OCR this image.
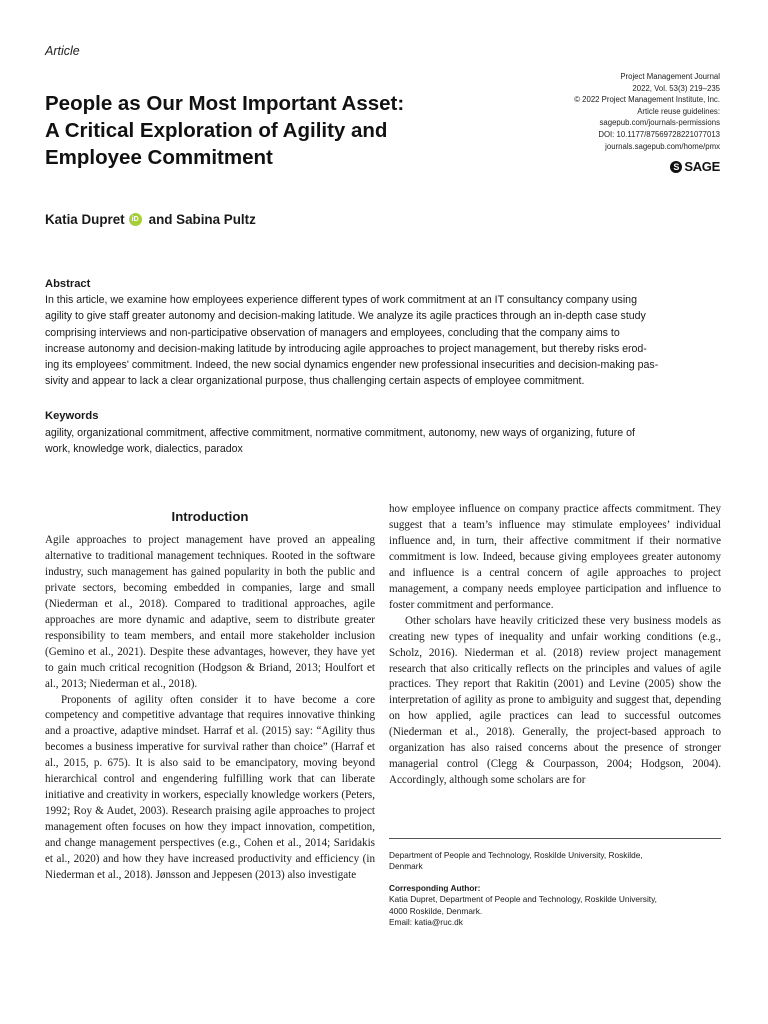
Article
People as Our Most Important Asset:
A Critical Exploration of Agility and
Employee Commitment
Project Management Journal
2022, Vol. 53(3) 219–235
© 2022 Project Management Institute, Inc.
Article reuse guidelines:
sagepub.com/journals-permissions
DOI: 10.1177/87569728221077013
journals.sagepub.com/home/pmx
S SAGE
Katia Dupret	iD and Sabina Pultz
Abstract
In this article, we examine how employees experience different types of work commitment at an IT consultancy company using
agility to give staff greater autonomy and decision-making latitude. We analyze its agile practices through an in-depth case study
comprising interviews and non-participative observation of managers and employees, concluding that the company aims to
increase autonomy and decision-making latitude by introducing agile approaches to project management, but thereby risks erod-
ing its employees' commitment. Indeed, the new social dynamics engender new professional insecurities and decision-making pas-
sivity and appear to lack a clear organizational purpose, thus challenging certain aspects of employee commitment.
Keywords
agility, organizational commitment, affective commitment, normative commitment, autonomy, new ways of organizing, future of
work, knowledge work, dialectics, paradox
Introduction

Agile approaches to project management have proved an appealing alternative to traditional management techniques. Rooted in the software industry, such management has gained popularity in both the public and private sectors, becoming embedded in companies, large and small (Niederman et al., 2018). Compared to traditional approaches, agile approaches are more dynamic and adaptive, seem to distribute greater responsibility to team members, and entail more stakeholder inclusion (Gemino et al., 2021). Despite these advantages, however, they have yet to gain much critical recognition (Hodgson & Briand, 2013; Houlfort et al., 2013; Niederman et al., 2018).

Proponents of agility often consider it to have become a core competency and competitive advantage that requires innovative thinking and a proactive, adaptive mindset. Harraf et al. (2015) say: “Agility thus becomes a business imperative for survival rather than choice” (Harraf et al., 2015, p. 675). It is also said to be emancipatory, moving beyond hierarchical control and engendering fulfilling work that can liberate initiative and creativity in workers, especially knowledge workers (Peters, 1992; Roy & Audet, 2003). Research praising agile approaches to project management often focuses on how they impact innovation, competition, and change management perspectives (e.g., Cohen et al., 2014; Saridakis et al., 2020) and how they have increased productivity and efficiency (in Niederman et al., 2018). Jønsson and Jeppesen (2013) also investigate

how employee influence on company practice affects commitment. They suggest that a team’s influence may stimulate employees’ individual influence and, in turn, their affective commitment if their normative commitment is low. Indeed, because giving employees greater autonomy and influence is a central concern of agile approaches to project management, a company needs employee participation and influence to foster commitment and performance.

Other scholars have heavily criticized these very business models as creating new types of inequality and unfair working conditions (e.g., Scholz, 2016). Niederman et al. (2018) review project management research that also critically reflects on the principles and values of agile practices. They report that Rakitin (2001) and Levine (2005) show the interpretation of agility as prone to ambiguity and suggest that, depending on how applied, agile practices can lead to successful outcomes (Niederman et al., 2018). Generally, the project-based approach to organization has also raised concerns about the presence of stronger managerial control (Clegg & Courpasson, 2004; Hodgson, 2004). Accordingly, although some scholars are for

Department of People and Technology, Roskilde University, Roskilde,
Denmark
Corresponding Author:
Katia Dupret, Department of People and Technology, Roskilde University,
4000 Roskilde, Denmark.
Email: katia@ruc.dk
